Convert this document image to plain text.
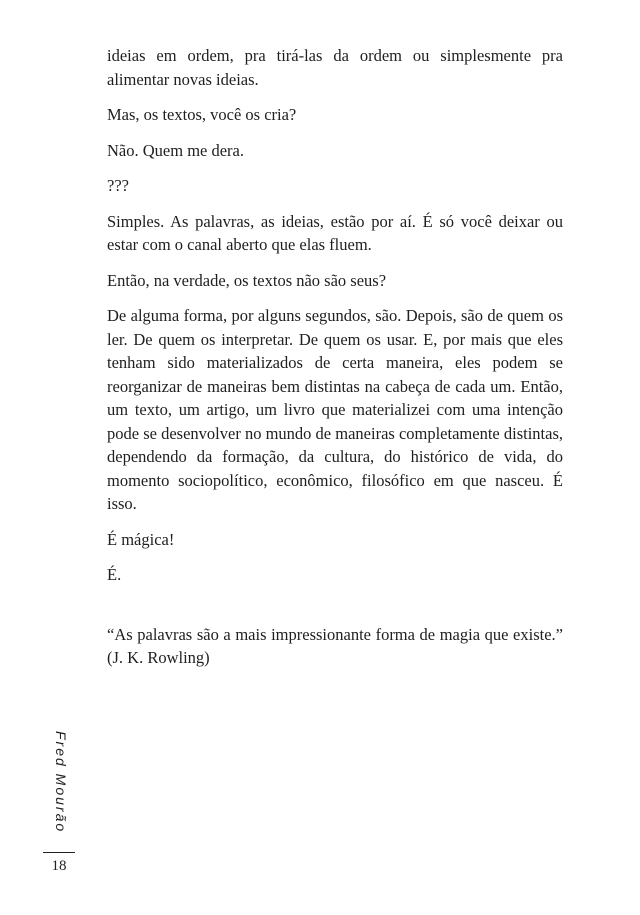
ideias em ordem, pra tirá-las da ordem ou simplesmente pra alimentar novas ideias.

Mas, os textos, você os cria?

Não. Quem me dera.

???

Simples. As palavras, as ideias, estão por aí. É só você deixar ou estar com o canal aberto que elas fluem.

Então, na verdade, os textos não são seus?

De alguma forma, por alguns segundos, são. Depois, são de quem os ler. De quem os interpretar. De quem os usar. E, por mais que eles tenham sido materializados de certa maneira, eles podem se reorganizar de maneiras bem distintas na cabeça de cada um. Então, um texto, um artigo, um livro que materializei com uma intenção pode se desenvolver no mundo de maneiras completamente distintas, dependendo da formação, da cultura, do histórico de vida, do momento sociopolítico, econômico, filosófico em que nasceu. É isso.

É mágica!

É.

“As palavras são a mais impressionante forma de magia que existe.” (J. K. Rowling)

Fred Mourão
18
